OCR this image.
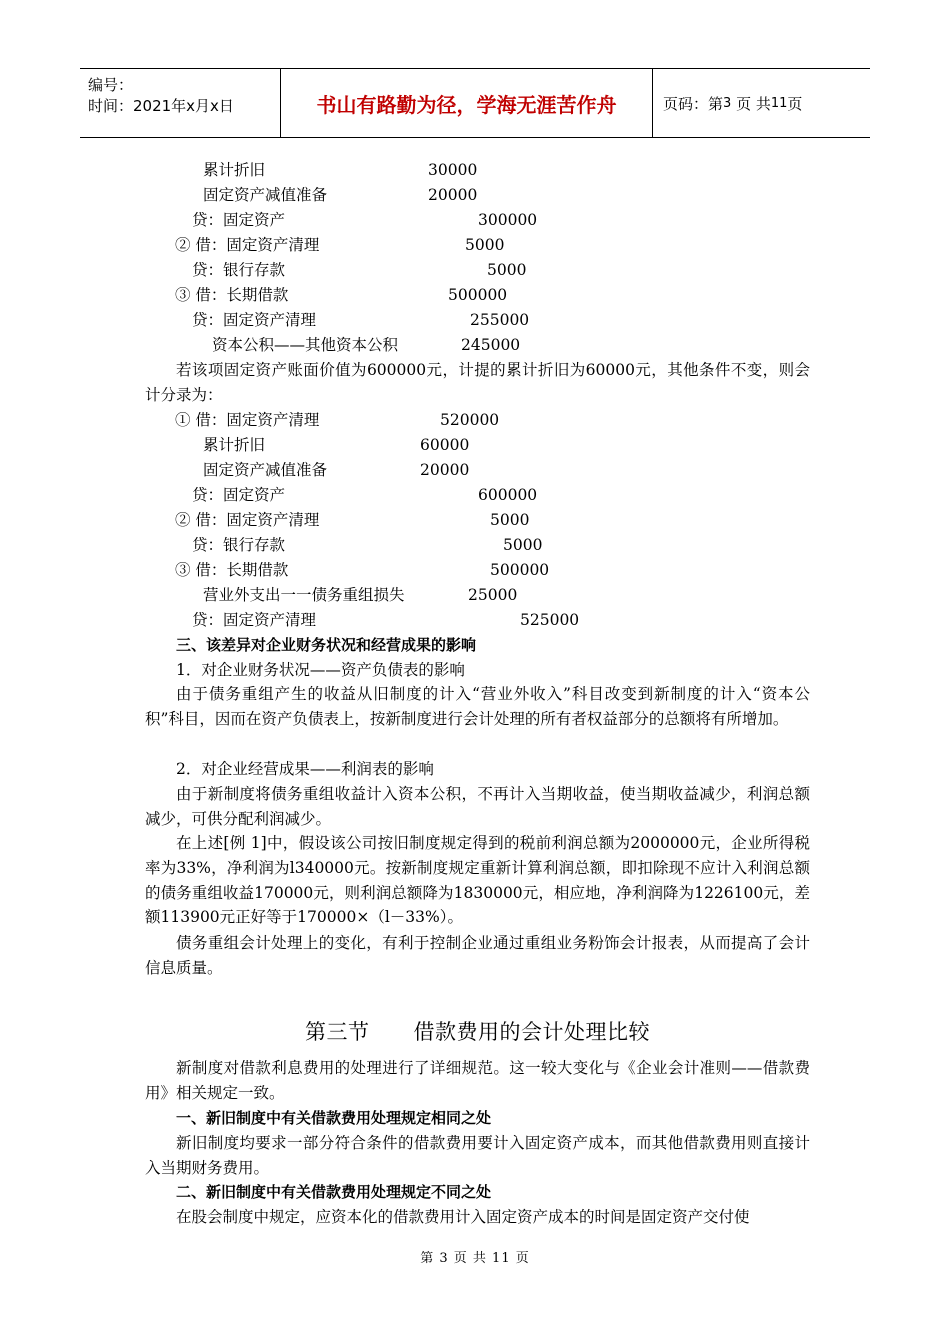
编号：
时间：2021年x月x日	书山有路勤为径，学海无涯苦作舟	页码：第 3
页 共 11 页
累计折旧	30000
固定资产减值准备	20000
贷：固定资产	300000
② 借：固定资产清理	5000
贷：银行存款	5000
③ 借：长期借款	500000
贷：固定资产清理	255000
资本公积——其他资本公积	245000
若该项固定资产账面价值为600000元，计提的累计折旧为60000元，其他条件不变，则会计分录为：
① 借：固定资产清理	520000
累计折旧	60000
固定资产减值准备	20000
贷：固定资产	600000
② 借：固定资产清理	5000
贷：银行存款	5000
③ 借：长期借款	500000
营业外支出一一债务重组损失	25000
贷：固定资产清理	525000
三、该差异对企业财务状况和经营成果的影响
1．对企业财务状况——资产负债表的影响
由于债务重组产生的收益从旧制度的计入“营业外收入”科目改变到新制度的计入“资本公积”科目，因而在资产负债表上，按新制度进行会计处理的所有者权益部分的总额将有所增加。
2．对企业经营成果——利润表的影响
由于新制度将债务重组收益计入资本公积，不再计入当期收益，使当期收益减少，利润总额减少，可供分配利润减少。
在上述[例 1]中，假设该公司按旧制度规定得到的税前利润总额为2000000元，企业所得税率为33%，净利润为l340000元。按新制度规定重新计算利润总额，即扣除现不应计入利润总额的债务重组收益170000元，则利润总额降为1830000元，相应地，净利润降为1226100元，差额113900元正好等于170000×（l－33%）。
债务重组会计处理上的变化，有利于控制企业通过重组业务粉饰会计报表，从而提高了会计信息质量。
第三节 借款费用的会计处理比较
新制度对借款利息费用的处理进行了详细规范。这一较大变化与《企业会计准则——借款费用》相关规定一致。
一、新旧制度中有关借款费用处理规定相同之处
新旧制度均要求一部分符合条件的借款费用要计入固定资产成本，而其他借款费用则直接计入当期财务费用。
二、新旧制度中有关借款费用处理规定不同之处
在股会制度中规定，应资本化的借款费用计入固定资产成本的时间是固定资产交付使
第 3 页 共 11 页
